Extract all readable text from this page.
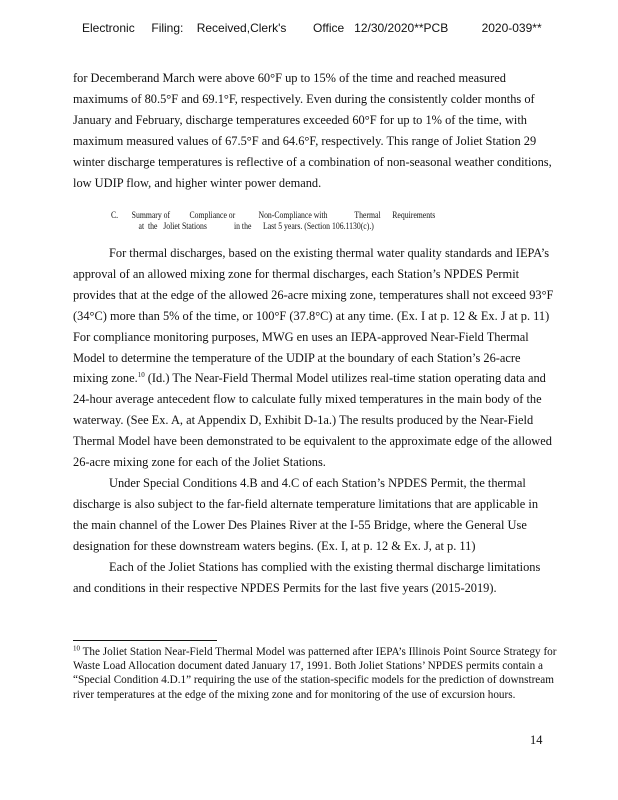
Electronic     Filing:    Received,Clerk's        Office   12/30/2020**PCB          2020-039**

for Decemberand March were above 60°F up to 15% of the time and reached measured maximums of 80.5°F and 69.1°F, respectively. Even during the consistently colder months of January and February, discharge temperatures exceeded 60°F for up to 1% of the time, with maximum measured values of 67.5°F and 64.6°F, respectively. This range of Joliet Station 29 winter discharge temperatures is reflective of a combination of non-seasonal weather conditions, low UDIP flow, and higher winter power demand.

C.       Summary of          Compliance or            Non-Compliance with              Thermal      Requirements
at  the   Joliet Stations              in the      Last 5 years. (Section 106.1130(c).)

For thermal discharges, based on the existing thermal water quality standards and IEPA’s approval of an allowed mixing zone for thermal discharges, each Station’s NPDES Permit provides that at the edge of the allowed 26-acre mixing zone, temperatures shall not exceed 93°F (34°C) more than 5% of the time, or 100°F (37.8°C) at any time. (Ex. I at p. 12 & Ex. J at p. 11) For compliance monitoring purposes, MWG en uses an IEPA-approved Near-Field Thermal Model to determine the temperature of the UDIP at the boundary of each Station’s 26-acre mixing zone.$^{10}$ (Id.) The Near-Field Thermal Model utilizes real-time station operating data and 24-hour average antecedent flow to calculate fully mixed temperatures in the main body of the waterway. (See Ex. A, at Appendix D, Exhibit D-1a.) The results produced by the Near-Field Thermal Model have been demonstrated to be equivalent to the approximate edge of the allowed 26-acre mixing zone for each of the Joliet Stations.

Under Special Conditions 4.B and 4.C of each Station’s NPDES Permit, the thermal discharge is also subject to the far-field alternate temperature limitations that are applicable in the main channel of the Lower Des Plaines River at the I-55 Bridge, where the General Use designation for these downstream waters begins. (Ex. I, at p. 12 & Ex. J, at p. 11)

Each of the Joliet Stations has complied with the existing thermal discharge limitations and conditions in their respective NPDES Permits for the last five years (2015-2019).

$^{10}$ The Joliet Station Near-Field Thermal Model was patterned after IEPA’s Illinois Point Source Strategy for Waste Load Allocation document dated January 17, 1991. Both Joliet Stations’ NPDES permits contain a “Special Condition 4.D.1” requiring the use of the station-specific models for the prediction of downstream river temperatures at the edge of the mixing zone and for monitoring of the use of excursion hours.
14
